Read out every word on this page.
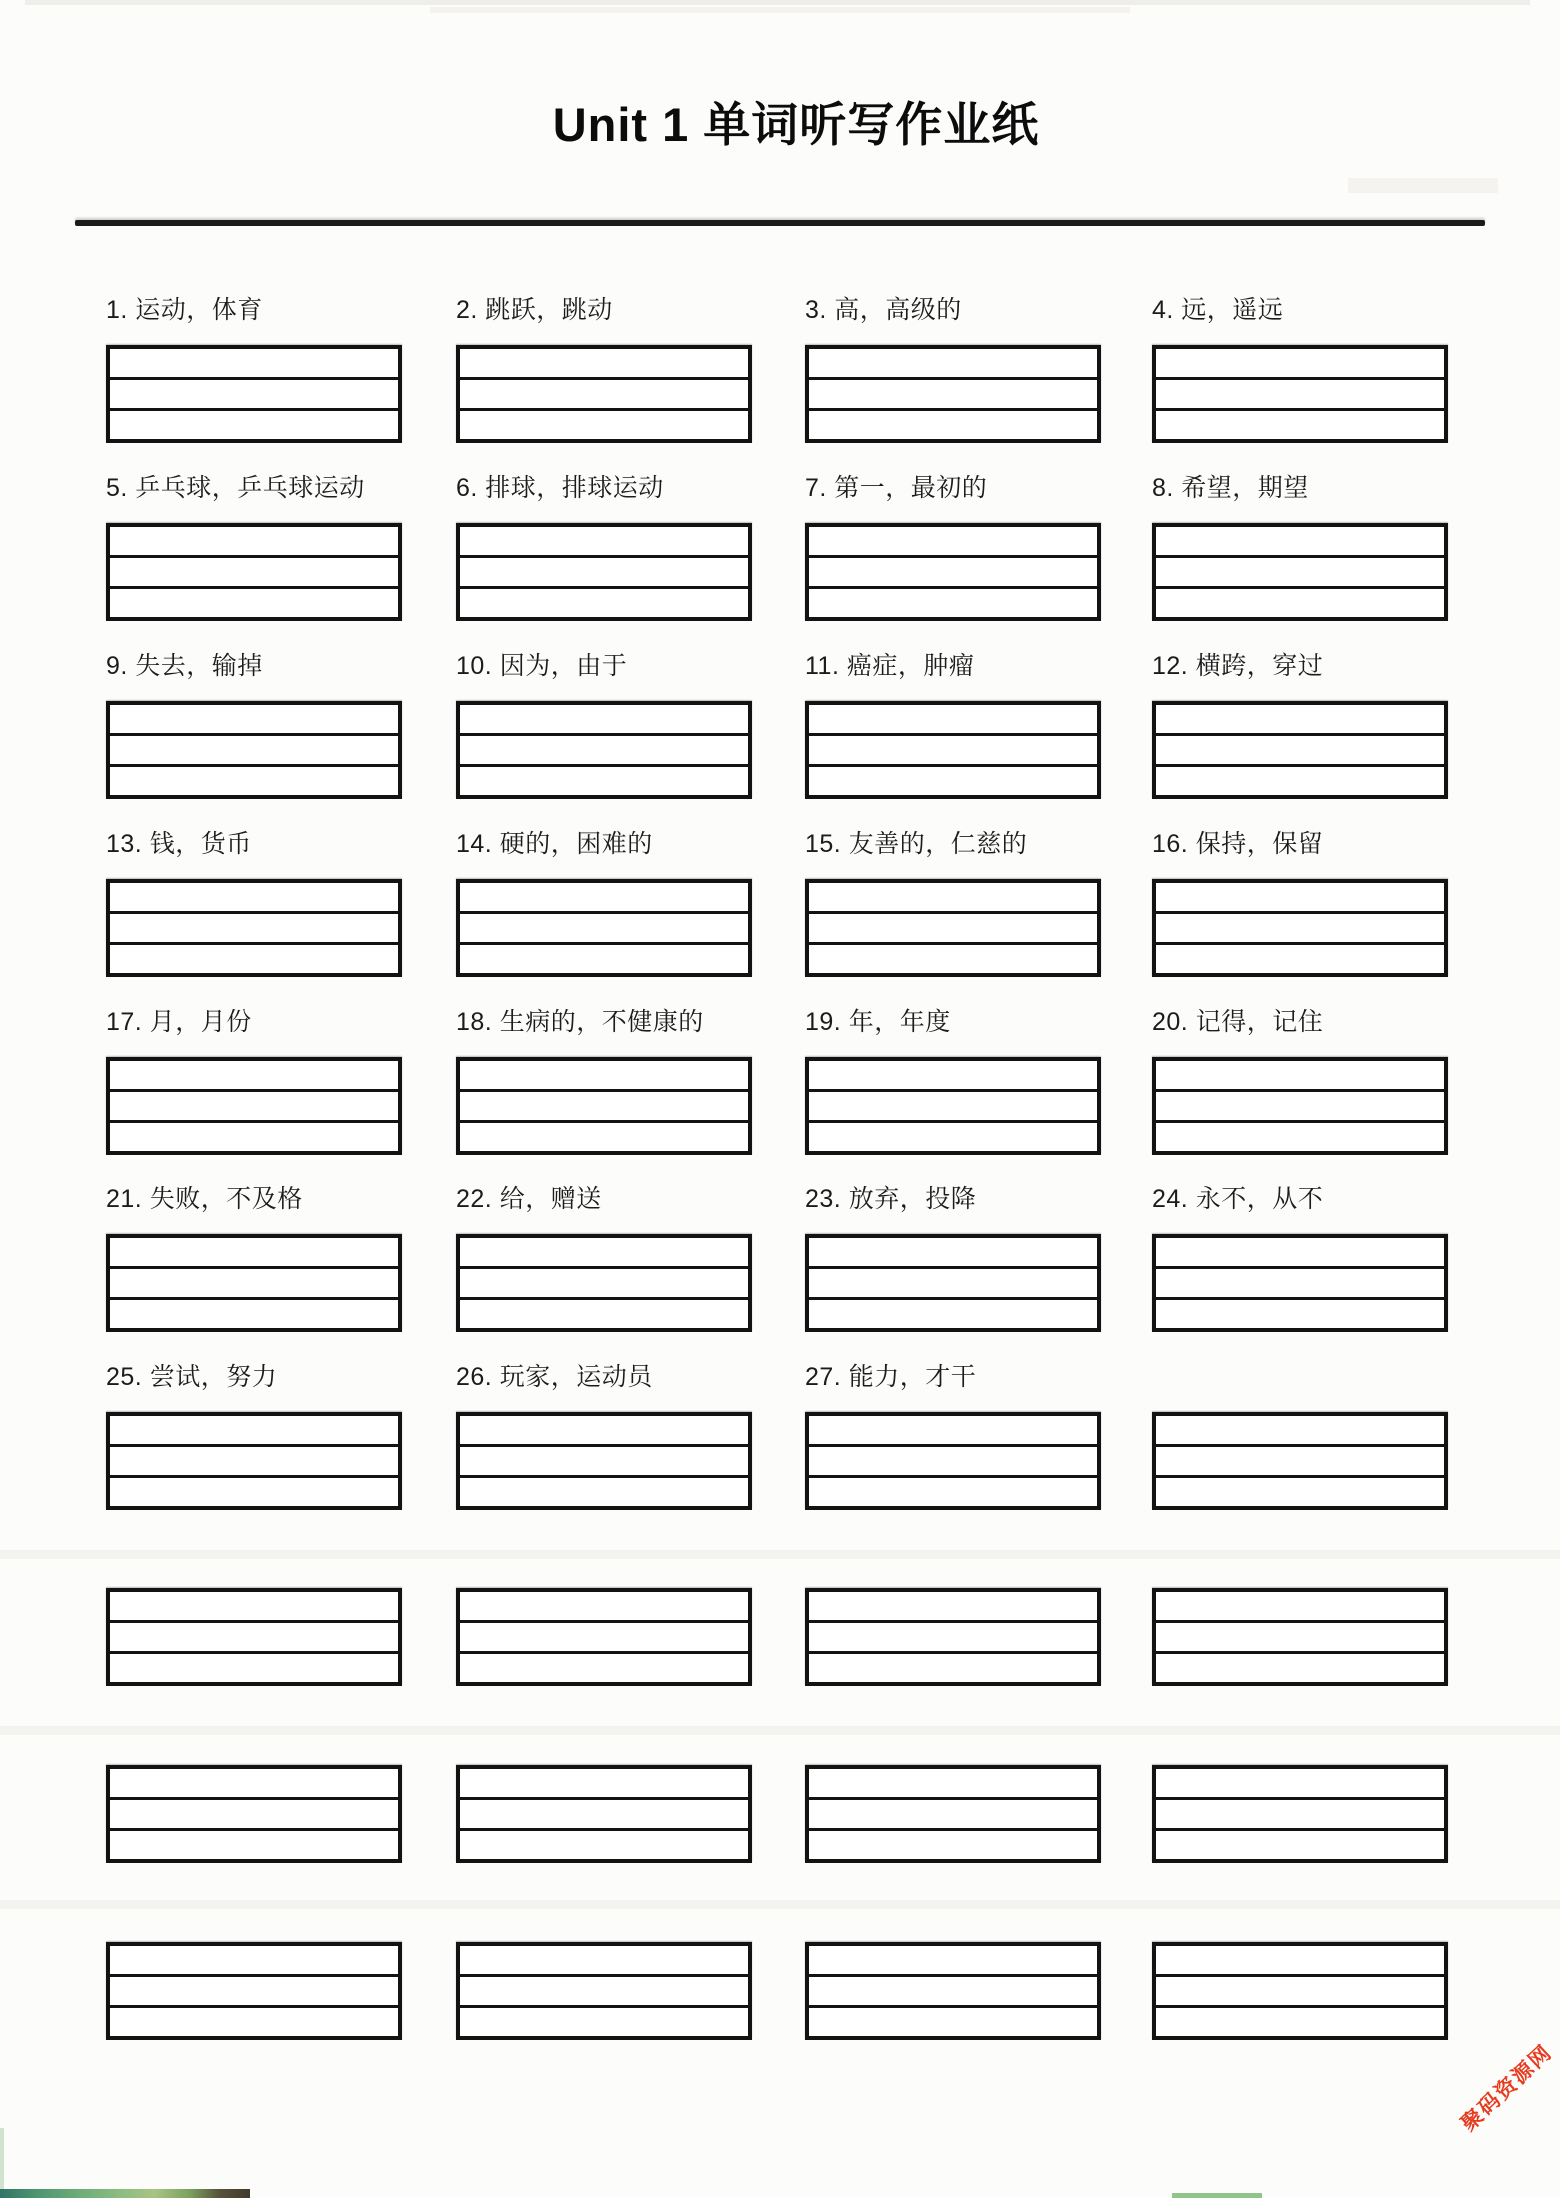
Unit 1 单词听写作业纸
1. 运动，体育	2. 跳跃，跳动	3. 高，高级的	4. 远，遥远
5. 乒乓球，乒乓球运动	6. 排球，排球运动	7. 第一，最初的	8. 希望，期望
9. 失去，输掉	10. 因为，由于	11. 癌症，肿瘤	12. 横跨，穿过
13. 钱，货币	14. 硬的，困难的	15. 友善的，仁慈的	16. 保持，保留
17. 月，月份	18. 生病的，不健康的	19. 年，年度	20. 记得，记住
21. 失败，不及格	22. 给，赠送	23. 放弃，投降	24. 永不，从不
25. 尝试，努力	26. 玩家，运动员	27. 能力，才干
聚码资源网
